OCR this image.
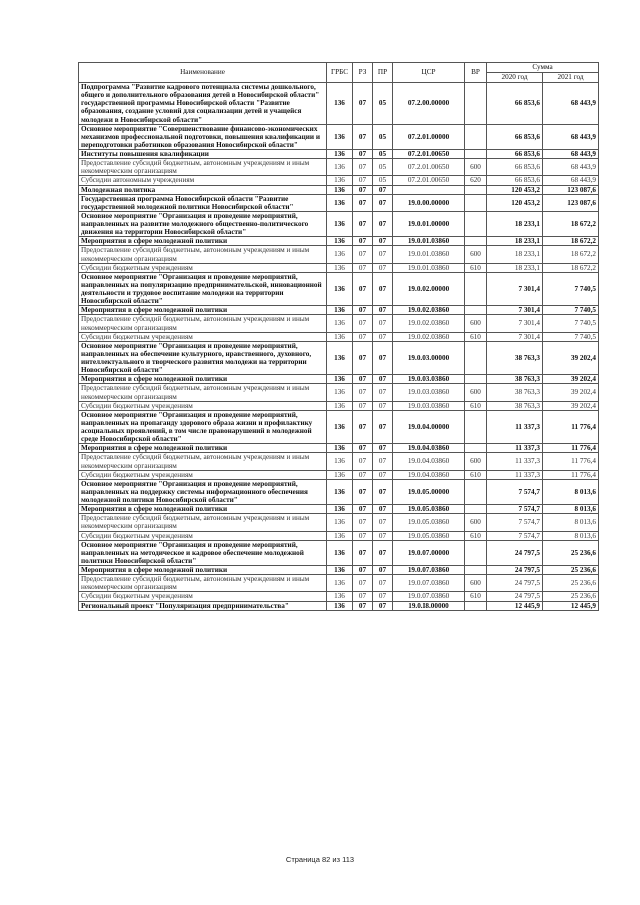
Наименование	ГРБС	РЗ	ПР	ЦСР	ВР	Сумма	
						2020 год	2021 год
Подпрограмма "Развитие кадрового потенциала системы дошкольного, общего и дополнительного образования детей в Новосибирской области" государственной программы Новосибирской области "Развитие образования, создание условий для социализации детей и учащейся молодежи в Новосибирской области"	136	07	05	07.2.00.00000		66 853,6	68 443,9
Основное мероприятие "Совершенствование финансово-экономических механизмов профессиональной подготовки, повышения квалификации и переподготовки работников образования Новосибирской области"	136	07	05	07.2.01.00000		66 853,6	68 443,9
Институты повышения квалификации	136	07	05	07.2.01.00650		66 853,6	68 443,9
Предоставление субсидий бюджетным, автономным учреждениям и иным некоммерческим организациям	136	07	05	07.2.01.00650	600	66 853,6	68 443,9
Субсидии автономным учреждениям	136	07	05	07.2.01.00650	620	66 853,6	68 443,9
Молодежная политика	136	07	07			120 453,2	123 087,6
Государственная программа Новосибирской области "Развитие государственной молодежной политики Новосибирской области"	136	07	07	19.0.00.00000		120 453,2	123 087,6
Основное мероприятие "Организация и проведение мероприятий, направленных на развитие молодежного общественно-политического движения на территории Новосибирской области"	136	07	07	19.0.01.00000		18 233,1	18 672,2
Мероприятия в сфере молодежной политики	136	07	07	19.0.01.03860		18 233,1	18 672,2
Предоставление субсидий бюджетным, автономным учреждениям и иным некоммерческим организациям	136	07	07	19.0.01.03860	600	18 233,1	18 672,2
Субсидии бюджетным учреждениям	136	07	07	19.0.01.03860	610	18 233,1	18 672,2
Основное мероприятие "Организация и проведение мероприятий, направленных на популяризацию предпринимательской, инновационной деятельности и трудовое воспитание молодежи на территории Новосибирской области"	136	07	07	19.0.02.00000		7 301,4	7 740,5
Мероприятия в сфере молодежной политики	136	07	07	19.0.02.03860		7 301,4	7 740,5
Предоставление субсидий бюджетным, автономным учреждениям и иным некоммерческим организациям	136	07	07	19.0.02.03860	600	7 301,4	7 740,5
Субсидии бюджетным учреждениям	136	07	07	19.0.02.03860	610	7 301,4	7 740,5
Основное мероприятие "Организация и проведение мероприятий, направленных на обеспечение культурного, нравственного, духовного, интеллектуального и творческого развития молодежи на территории Новосибирской области"	136	07	07	19.0.03.00000		38 763,3	39 202,4
Мероприятия в сфере молодежной политики	136	07	07	19.0.03.03860		38 763,3	39 202,4
Предоставление субсидий бюджетным, автономным учреждениям и иным некоммерческим организациям	136	07	07	19.0.03.03860	600	38 763,3	39 202,4
Субсидии бюджетным учреждениям	136	07	07	19.0.03.03860	610	38 763,3	39 202,4
Основное мероприятие "Организация и проведение мероприятий, направленных на пропаганду здорового образа жизни и профилактику асоциальных проявлений, в том числе правонарушений в молодежной среде Новосибирской области"	136	07	07	19.0.04.00000		11 337,3	11 776,4
Мероприятия в сфере молодежной политики	136	07	07	19.0.04.03860		11 337,3	11 776,4
Предоставление субсидий бюджетным, автономным учреждениям и иным некоммерческим организациям	136	07	07	19.0.04.03860	600	11 337,3	11 776,4
Субсидии бюджетным учреждениям	136	07	07	19.0.04.03860	610	11 337,3	11 776,4
Основное мероприятие "Организация и проведение мероприятий, направленных на поддержку системы информационного обеспечения молодежной политики Новосибирской области"	136	07	07	19.0.05.00000		7 574,7	8 013,6
Мероприятия в сфере молодежной политики	136	07	07	19.0.05.03860		7 574,7	8 013,6
Предоставление субсидий бюджетным, автономным учреждениям и иным некоммерческим организациям	136	07	07	19.0.05.03860	600	7 574,7	8 013,6
Субсидии бюджетным учреждениям	136	07	07	19.0.05.03860	610	7 574,7	8 013,6
Основное мероприятие "Организация и проведение мероприятий, направленных на методическое и кадровое обеспечение молодежной политики Новосибирской области"	136	07	07	19.0.07.00000		24 797,5	25 236,6
Мероприятия в сфере молодежной политики	136	07	07	19.0.07.03860		24 797,5	25 236,6
Предоставление субсидий бюджетным, автономным учреждениям и иным некоммерческим организациям	136	07	07	19.0.07.03860	600	24 797,5	25 236,6
Субсидии бюджетным учреждениям	136	07	07	19.0.07.03860	610	24 797,5	25 236,6
Региональный проект "Популяризация предпринимательства"	136	07	07	19.0.I8.00000		12 445,9	12 445,9
Страница 82 из 113
